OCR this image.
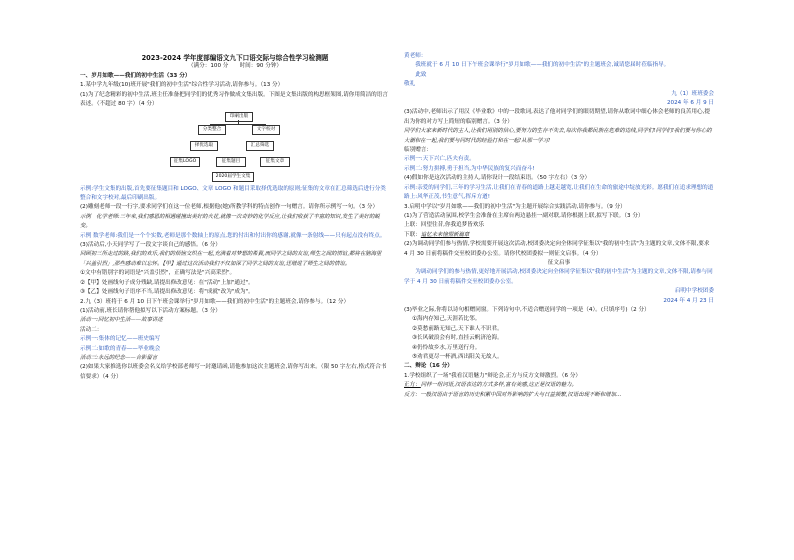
2023-2024 学年度部编语文九下口语交际与综合性学习检测题
（满分：100 分　　时间：90 分钟）

一、岁月如歌——我们的初中生活（33 分）

1.某中学九年级(10)班开展"我们的初中生活"综合性学习活动,请你参与。（13 分）

(1)为了纪念精彩的初中生活,班主任准备把同学们的优秀习作做成文集出版。下图是文集出版的构思框架图,请你用简洁的语言表述。（不超过 80 字）（4 分）

印刷出版
分类整合	文字校对
择优选取	汇总筛选
征集LOGO	征集题目	征集文章
2020届学生文集

示例:学生文集的出版,首先要征集题目和 LOGO、文章 LOGO 和题目采取择优选取的原则;征集的文章在汇总筛选后进行分类整合和文字校对,最后印刷出版。

(2)雕刻老师一段一行字,要求同学们在这一位老师,根据他(她)所教学科的特点创作一句赠言。请你所示例写一句。（3 分）

示例　化学老师:三年来,我们感恩的相遇碰撞出美好的火花,就像一次奇妙的化学反应,让我们收获了丰富的知识,发生了美好的蜕变。

示例 数学老师:我们是一个个实数,老师是那个数轴上的原点,您的付出和付出你的感谢,就像一条射线——只有起点没有终点。

(3)活动后,小天同学写了一段文字谈自己的感悟。（6 分）

回顾初三所走过的路,我们的欢乐,我们的烦恼交织在一起,充满着对梦想的希冀,而同学之间的友谊,师生之间的情谊,都将在脑海里「兴盖引烈」,那些感动难以忘怀。【甲】通过这次活动我们不仅加深了同学之间的友谊,还增进了师生之间的情谊。

①文中有错别字的词语是"兴盖引烈"，正确写法是"兴高采烈"。

②【甲】处画线句子成分残缺,请提出修改意见：在"活动"上加"通过"。

③【乙】处画线句子语序不当,请提出修改意见：将"成就"改为"成为"。

2.九（3）班将于 6 月 10 日下午班会课举行"岁月如歌——我们的初中生活"的主题班会,请你参与。（12 分）

(1)活动前,班长请你帮他拟写以下活动方案标题。（3 分）

活动一:回忆初中生活——故事讲述

活动二：

示例一:集体的记忆——班史编写

示例二:如歌的青春——毕业晚会

活动三:永远的纪念——合影留言

(2)如果大家推选你以班委会名义给学校部老师写一封邀请函,请他参加这次主题班会,请你写出来。（限 50 字左右,格式符合书信要求）（4 分）

黄老师：

我班就于 6 月 10 日下午班会课举行"岁月如歌——我们的初中生活"的主题班会,诚请您届时莅临指导。

此致

敬礼

九（1）班班委会

2024 年 6 月 9 日

(3)活动中,老师出示了用汉《毕业歌》中的一段歌词,表达了他对同学们的眼切期望,请你从歌词中细心体会老师的良苦用心,提出为你的对方写上简短的临别赠言。（3 分）

同学们大家来新时代的主人,让我们用别的信心,要努力的生存不失去,每次你我都民族在危难的边线,同学们!同学们!我们要与你心的大潮和在一起,我们要与同时代的经验打和在一起!从那一学习!

临别赠言：

示例一:天下兴亡,匹夫有责。

示例二:努力拼搏,勇于担当,为中华民族的复兴而奋斗!

(4)假如你是这次活动的主持人,请你设计一段结束语。（50 字左右）（3 分）

示例:亲爱的同学们,三年的学习生活,让我们在青春的道路上越走越宽,让我们在生命的旅途中绽放光彩。愿我们在追求理想的道路上:风华正茂,书生意气,挥斥方遒!

3.启明中学以"岁月如歌——我们的初中生活"为主题开展综合实践活动,请你参与。（9 分）

(1)为了营造活动氛围,校学生会准备在主席台两边悬挂一副对联,请你根据上联,拟写下联。（3 分）

上联：回望往昔,你我追梦皆欢乐

下联：追忆未来憧憬新篇章

(2)为调动同学们参与热情,学校需要开展这次活动,校团委决定向全体同学征集以"我的初中生活"为主题的文章,文体不限,要求 4 月 30 日前将稿件交至校团委办公室。请你代校团委拟一则征文启事。（4 分）

征文启事

为调动同学们的参与热情,更好地开展活动,校团委决定向全体同学征集以"我的初中生活"为主题的文章,文体不限,请参与同学于 4 月 30 日前将稿件交至校团委办公室。

启明中学校团委

2024 年 4 月 23 日

(3)毕业之际,你将以诗句相赠同窗。下列诗句中,不适合赠送同学的一项是（4）。(只填序号)（2 分）

①海内存知己,天涯若比邻。

②莫愁前路无知己,天下谁人不识君。

③长风破浪会有时,直挂云帆济沧海。

④仍怜故乡水,万里送行舟。

⑤劝君更尽一杯酒,西出阳关无故人。

二、辩论（16 分）

1.学校组织了一场"我看汉语魅力"辩论会,正方与反方文辩激烈。（6 分）

正方：同样一组词语,汉语表达的方式多样,富有美感,这正是汉语的魅力。

反方：一般汉语由于语言的历史积累中国对外影响的扩大与日益频繁,汉语出现不断和增加...
